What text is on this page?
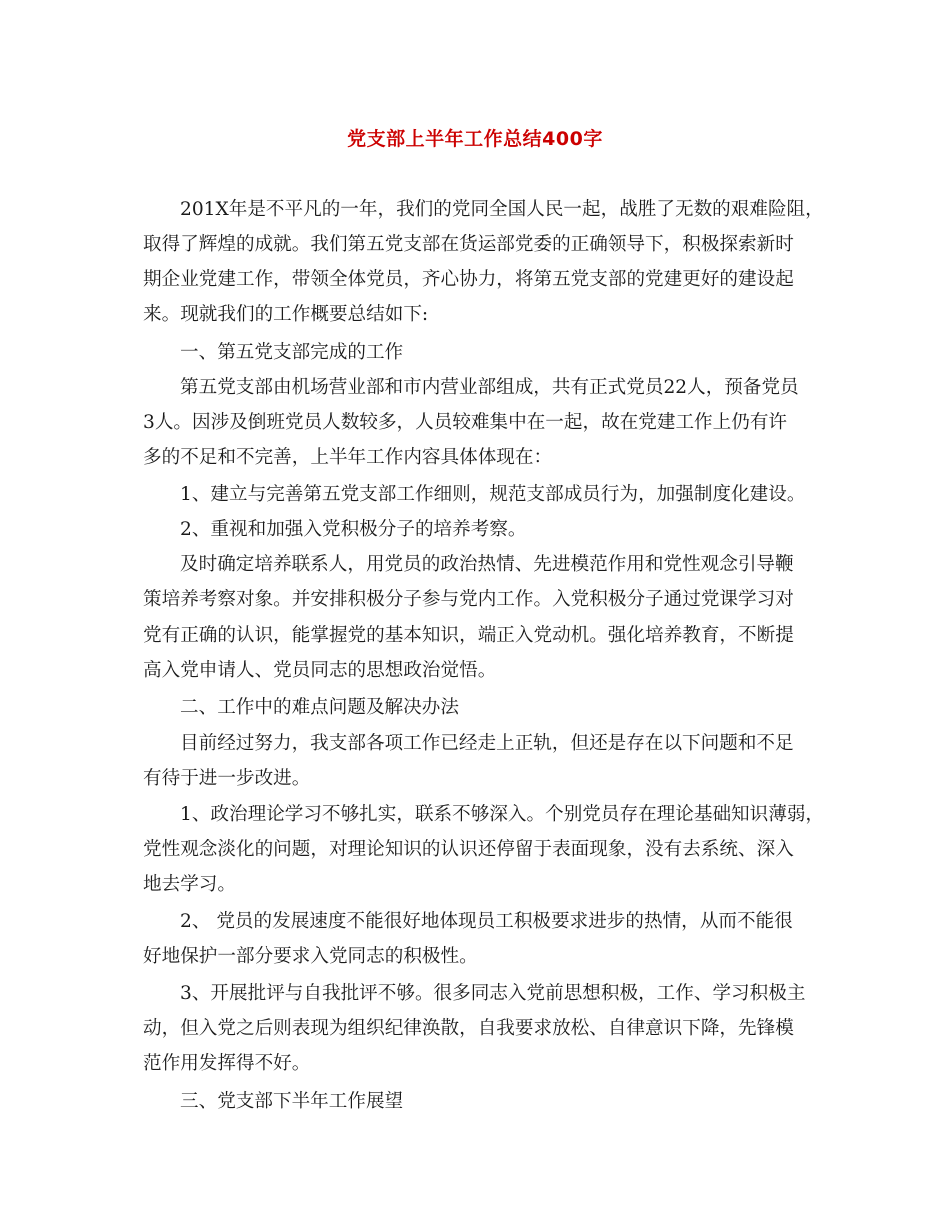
党支部上半年工作总结400字
201X年是不平凡的一年，我们的党同全国人民一起，战胜了无数的艰难险阻，
取得了辉煌的成就。我们第五党支部在货运部党委的正确领导下，积极探索新时
期企业党建工作，带领全体党员，齐心协力，将第五党支部的党建更好的建设起
来。现就我们的工作概要总结如下:
一、第五党支部完成的工作
第五党支部由机场营业部和市内营业部组成，共有正式党员22人，预备党员
3人。因涉及倒班党员人数较多，人员较难集中在一起，故在党建工作上仍有许
多的不足和不完善，上半年工作内容具体体现在：
1、建立与完善第五党支部工作细则，规范支部成员行为，加强制度化建设。
2、重视和加强入党积极分子的培养考察。
及时确定培养联系人，用党员的政治热情、先进模范作用和党性观念引导鞭
策培养考察对象。并安排积极分子参与党内工作。入党积极分子通过党课学习对
党有正确的认识，能掌握党的基本知识，端正入党动机。强化培养教育，不断提
高入党申请人、党员同志的思想政治觉悟。
二、工作中的难点问题及解决办法
目前经过努力，我支部各项工作已经走上正轨，但还是存在以下问题和不足
有待于进一步改进。
1、政治理论学习不够扎实，联系不够深入。个别党员存在理论基础知识薄弱，
党性观念淡化的问题，对理论知识的认识还停留于表面现象，没有去系统、深入
地去学习。
2、 党员的发展速度不能很好地体现员工积极要求进步的热情，从而不能很
好地保护一部分要求入党同志的积极性。
3、开展批评与自我批评不够。很多同志入党前思想积极，工作、学习积极主
动，但入党之后则表现为组织纪律涣散，自我要求放松、自律意识下降，先锋模
范作用发挥得不好。
三、党支部下半年工作展望
